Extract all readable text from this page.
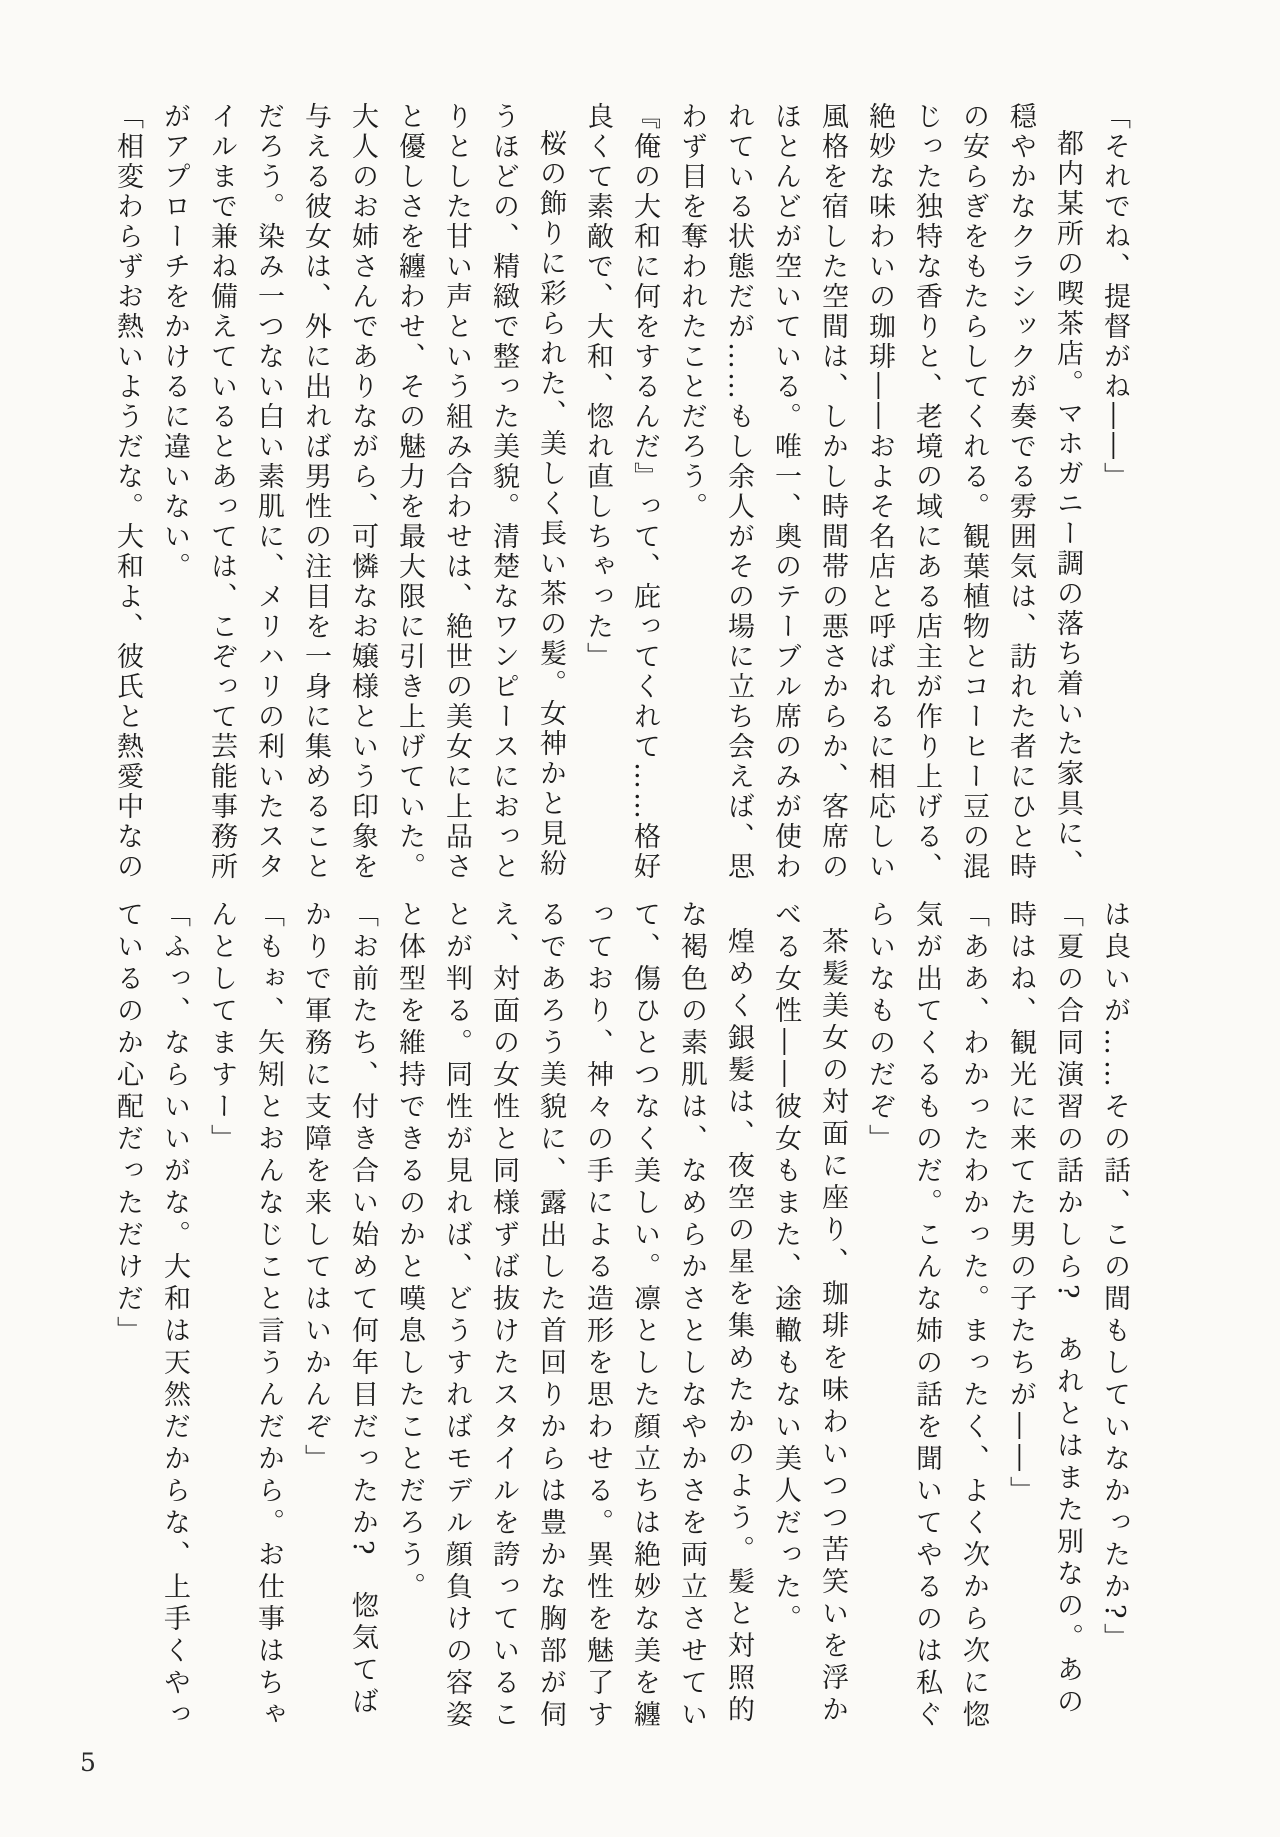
「それでね、提督がね――」

都内某所の喫茶店。マホガニー調の落ち着いた家具に、穏やかなクラシックが奏でる雰囲気は、訪れた者にひと時の安らぎをもたらしてくれる。観葉植物とコーヒー豆の混じった独特な香りと、老境の域にある店主が作り上げる、絶妙な味わいの珈琲――およそ名店と呼ばれるに相応しい風格を宿した空間は、しかし時間帯の悪さからか、客席のほとんどが空いている。唯一、奥のテーブル席のみが使われている状態だが……もし余人がその場に立ち会えば、思わず目を奪われたことだろう。

『俺の大和に何をするんだ』って、庇ってくれて……格好良くて素敵で、大和、惚れ直しちゃった」

桜の飾りに彩られた、美しく長い茶の髪。女神かと見紛うほどの、精緻で整った美貌。清楚なワンピースにおっとりとした甘い声という組み合わせは、絶世の美女に上品さと優しさを纏わせ、その魅力を最大限に引き上げていた。大人のお姉さんでありながら、可憐なお嬢様という印象を与える彼女は、外に出れば男性の注目を一身に集めることだろう。染み一つない白い素肌に、メリハリの利いたスタイルまで兼ね備えているとあっては、こぞって芸能事務所がアプローチをかけるに違いない。

「相変わらずお熱いようだな。大和よ、彼氏と熱愛中なの

は良いが……その話、この間もしていなかったか?」

「夏の合同演習の話かしら?　あれとはまた別なの。あの時はね、観光に来てた男の子たちが――」

「ああ、わかったわかった。まったく、よく次から次に惚気が出てくるものだ。こんな姉の話を聞いてやるのは私ぐらいなものだぞ」

茶髪美女の対面に座り、珈琲を味わいつつ苦笑いを浮かべる女性――彼女もまた、途轍もない美人だった。

煌めく銀髪は、夜空の星を集めたかのよう。髪と対照的な褐色の素肌は、なめらかさとしなやかさを両立させていて、傷ひとつなく美しい。凛とした顔立ちは絶妙な美を纏っており、神々の手による造形を思わせる。異性を魅了するであろう美貌に、露出した首回りからは豊かな胸部が伺え、対面の女性と同様ずば抜けたスタイルを誇っていることが判る。同性が見れば、どうすればモデル顔負けの容姿と体型を維持できるのかと嘆息したことだろう。

「お前たち、付き合い始めて何年目だったか?　惚気てばかりで軍務に支障を来してはいかんぞ」

「もぉ、矢矧とおんなじこと言うんだから。お仕事はちゃんとしてますー」

「ふっ、ならいいがな。大和は天然だからな、上手くやっているのか心配だっただけだ」

5
